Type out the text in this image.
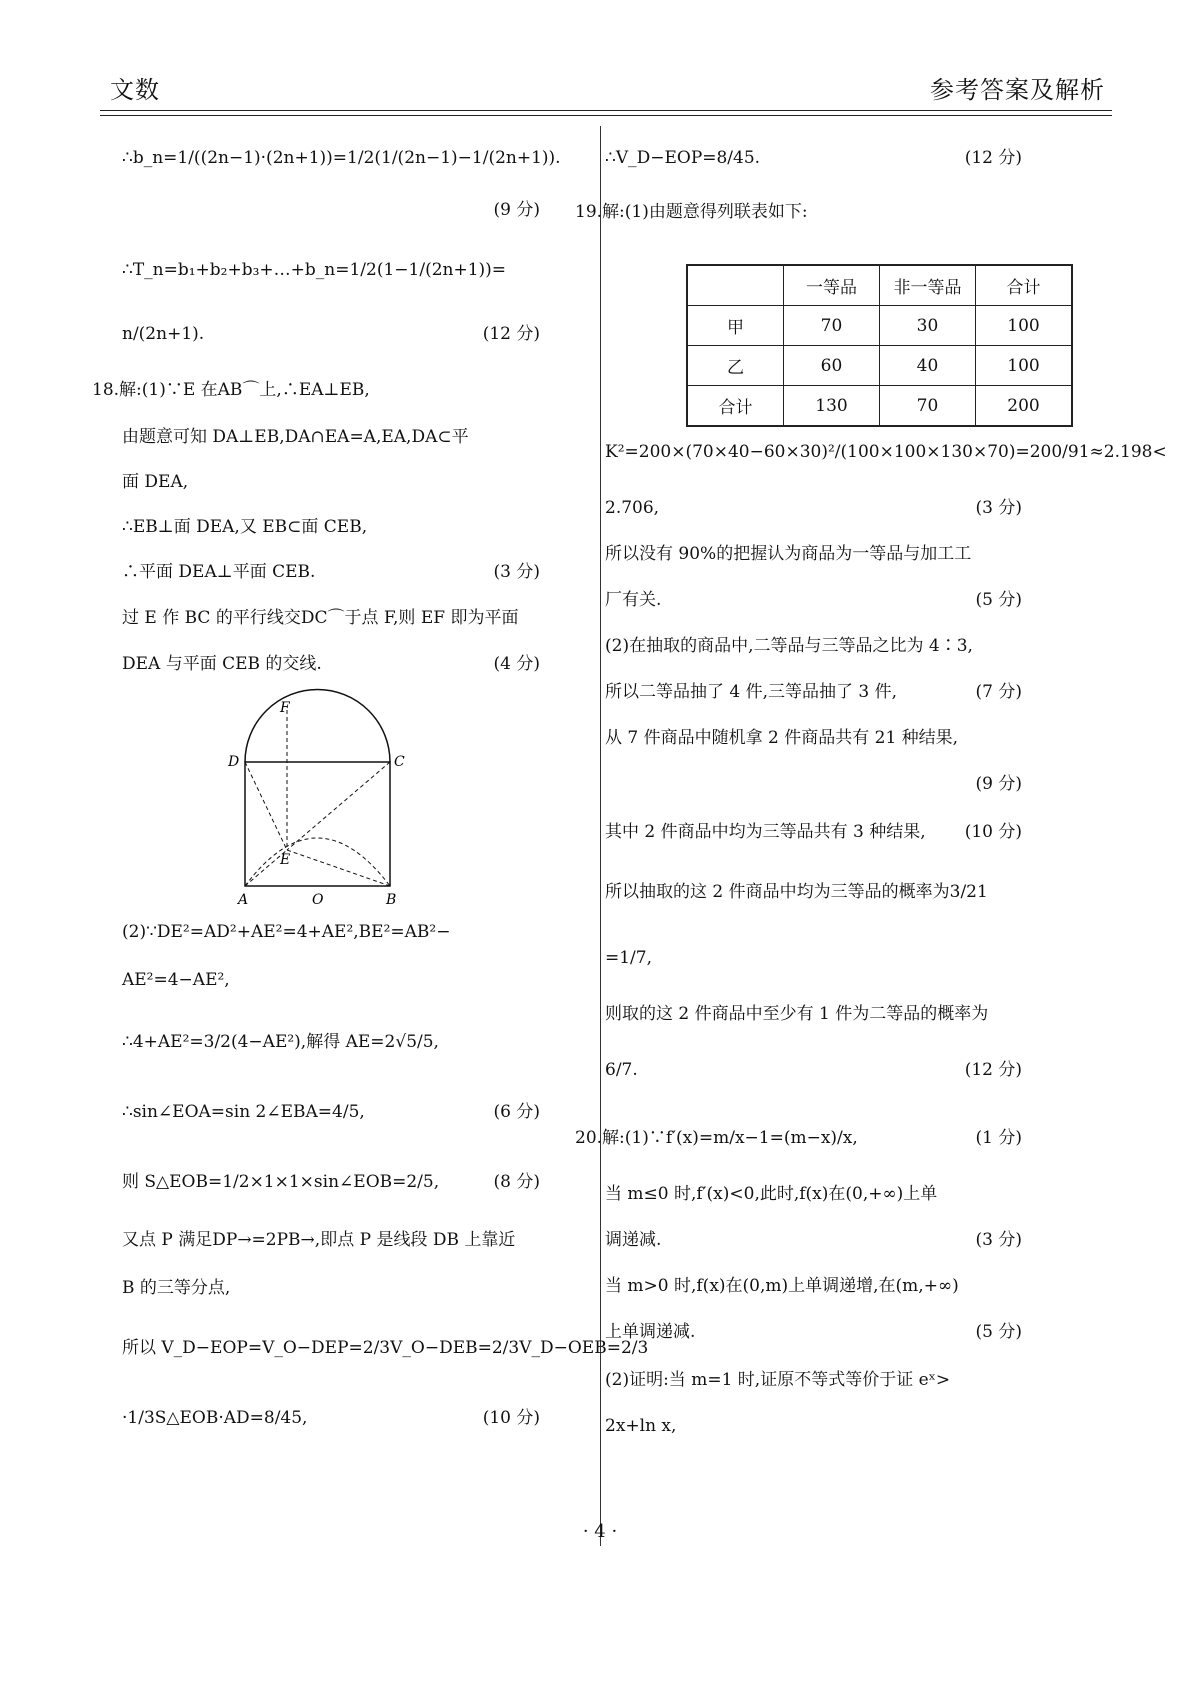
文数	参考答案及解析
∴b_n=1/((2n−1)·(2n+1))=1/2(1/(2n−1)−1/(2n+1)).
(9 分)
∴T_n=b₁+b₂+b₃+…+b_n=1/2(1−1/(2n+1))=
n/(2n+1).	(12 分)
18.解:(1)∵E 在AB⌒上,∴EA⊥EB,
由题意可知 DA⊥EB,DA∩EA=A,EA,DA⊂平
面 DEA,
∴EB⊥面 DEA,又 EB⊂面 CEB,
∴平面 DEA⊥平面 CEB.	(3 分)
过 E 作 BC 的平行线交DC⌒于点 F,则 EF 即为平面
DEA 与平面 CEB 的交线.	(4 分)
F
D	C
E
A	O	B
(2)∵DE²=AD²+AE²=4+AE²,BE²=AB²−
AE²=4−AE²,
∴4+AE²=3/2(4−AE²),解得 AE=2√5/5,
∴sin∠EOA=sin 2∠EBA=4/5,	(6 分)
则 S△EOB=1/2×1×1×sin∠EOB=2/5,	(8 分)
又点 P 满足DP→=2PB→,即点 P 是线段 DB 上靠近
B 的三等分点,
所以 V_D−EOP=V_O−DEP=2/3V_O−DEB=2/3V_D−OEB=2/3
·1/3S△EOB·AD=8/45,	(10 分)
∴V_D−EOP=8/45.	(12 分)
19.解:(1)由题意得列联表如下:
	一等品	非一等品	合计
甲	70	30	100
乙	60	40	100
合计	130	70	200
K²=200×(70×40−60×30)²/(100×100×130×70)=200/91≈2.198<
2.706,	(3 分)
所以没有 90%的把握认为商品为一等品与加工工
厂有关.	(5 分)
(2)在抽取的商品中,二等品与三等品之比为 4∶3,
所以二等品抽了 4 件,三等品抽了 3 件,	(7 分)
从 7 件商品中随机拿 2 件商品共有 21 种结果,
(9 分)
其中 2 件商品中均为三等品共有 3 种结果, (10 分)
所以抽取的这 2 件商品中均为三等品的概率为3/21
=1/7,
则取的这 2 件商品中至少有 1 件为二等品的概率为
6/7.	(12 分)
20.解:(1)∵f′(x)=m/x−1=(m−x)/x,	(1 分)
当 m≤0 时,f′(x)<0,此时,f(x)在(0,+∞)上单
调递减.	(3 分)
当 m>0 时,f(x)在(0,m)上单调递增,在(m,+∞)
上单调递减.	(5 分)
(2)证明:当 m=1 时,证原不等式等价于证 eˣ>
2x+ln x,
· 4 ·
